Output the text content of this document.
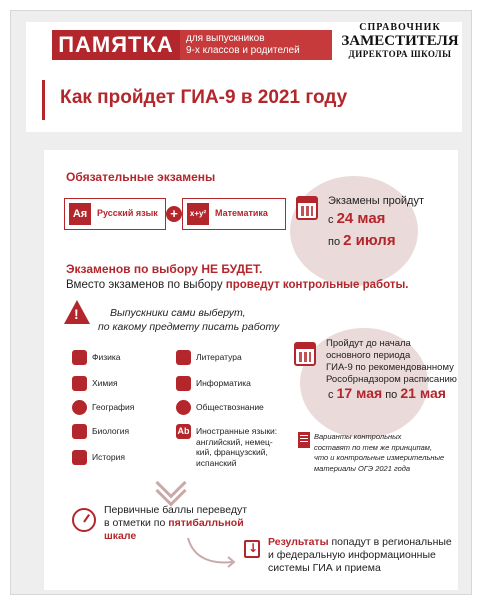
ПАМЯТКА	для выпускников
9-х классов и родителей
СПРАВОЧНИК
ЗАМЕСТИТЕЛЯ
ДИРЕКТОРА ШКОЛЫ
Как пройдет ГИА-9 в 2021 году
Обязательные экзамены
Ая	Русский язык +	x+y² Математика
Экзамены пройдут
с 24 мая
по 2 июля
Экзаменов по выбору НЕ БУДЕТ.
Вместо экзаменов по выбору проведут контрольные работы.
!	Выпускники сами выберут,
по какому предмету писать работу
Физика
Химия
География
Биология
История
Литература
Информатика
Обществознание
Ab Иностранные языки:
английский, немец-
кий, французский,
испанский
Пройдут до начала
основного периода
ГИА-9 по рекомендованному
Рособрнадзором расписанию
с 17 мая по 21 мая
Варианты контрольных
составят по тем же принципам,
что и контрольные измерительные
материалы ОГЭ 2021 года
Первичные баллы переведут
в отметки по пятибалльной
шкале
↓	Результаты попадут в региональные
и федеральную информационные
системы ГИА и приема
